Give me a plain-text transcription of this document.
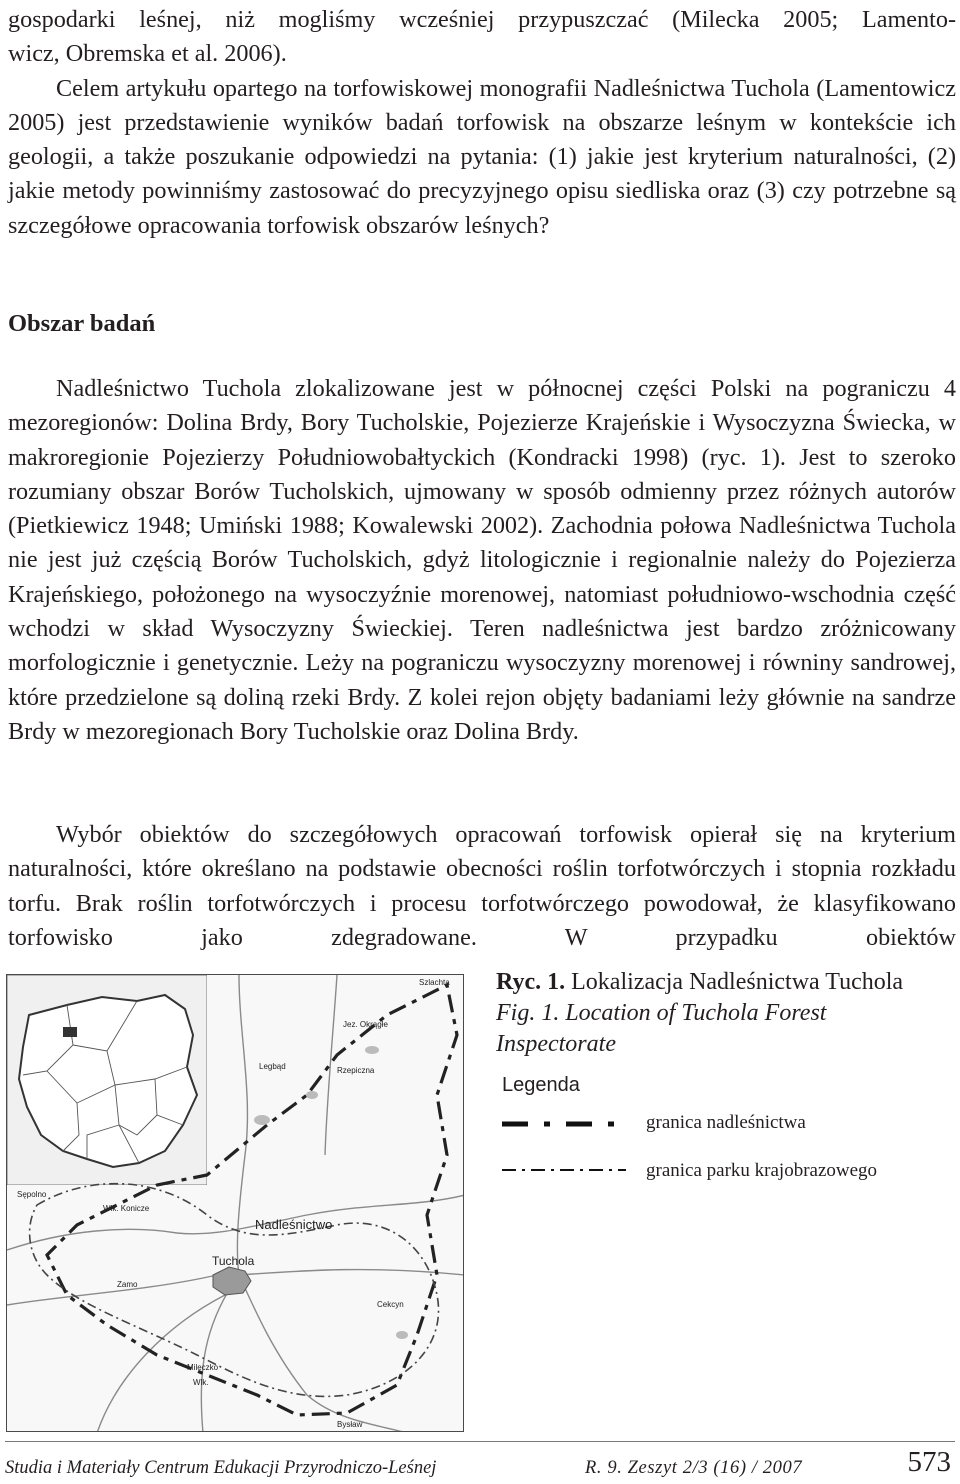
gospodarki leśnej, niż mogliśmy wcześniej przypuszczać (Milecka 2005; Lamento-

wicz, Obremska et al. 2006).

Celem artykułu opartego na torfowiskowej monografii Nadleśnictwa Tuchola (Lamentowicz 2005) jest przedstawienie wyników badań torfowisk na obszarze leśnym w kontekście ich geologii, a także poszukanie odpowiedzi na pytania: (1) jakie jest kryterium naturalności, (2) jakie metody powinniśmy zastosować do precyzyjnego opisu siedliska oraz (3) czy potrzebne są szczegółowe opracowania torfowisk obszarów leśnych?

Obszar badań

Nadleśnictwo Tuchola zlokalizowane jest w północnej części Polski na pograniczu 4 mezoregionów: Dolina Brdy, Bory Tucholskie, Pojezierze Krajeńskie i Wysoczyzna Świecka, w makroregionie Pojezierzy Południowobałtyckich (Kondracki 1998) (ryc. 1). Jest to szeroko rozumiany obszar Borów Tucholskich, ujmowany w sposób odmienny przez różnych autorów (Pietkiewicz 1948; Umiński 1988; Kowalewski 2002). Zachodnia połowa Nadleśnictwa Tuchola nie jest już częścią Borów Tucholskich, gdyż litologicznie i regionalnie należy do Pojezierza Krajeńskiego, położonego na wysoczyźnie morenowej, natomiast południowo-wschodnia część wchodzi w skład Wysoczyzny Świeckiej. Teren nadleśnictwa jest bardzo zróżnicowany morfologicznie i genetycznie. Leży na pograniczu wysoczyzny morenowej i równiny sandrowej, które przedzielone są doliną rzeki Brdy. Z kolei rejon objęty badaniami leży głównie na sandrze Brdy w mezoregionach Bory Tucholskie oraz Dolina Brdy.

Wybór obiektów do szczegółowych opracowań torfowisk opierał się na kryterium naturalności, które określano na podstawie obecności roślin torfotwórczych i stopnia rozkładu torfu. Brak roślin torfotwórczych i procesu torfotwórczego powodował, że klasyfikowano torfowisko jako zdegradowane. W przypadku obiektów

Nadleśnictwo
Tuchola
Szlachta
Jez. Okrągłe
Legbąd	Rzepiczna
Sępolno
Wlk. Konicze
Zamo
Cekcyn
Mileczko
Wlk.
Bysław

Ryc. 1. Lokalizacja Nadleśnictwa Tuchola

Fig. 1. Location of Tuchola Forest Inspectorate

Legenda
granica nadleśnictwa
granica parku krajobrazowego
Studia i Materiały Centrum Edukacji Przyrodniczo-Leśnej	R. 9. Zeszyt 2/3 (16) / 2007	573
